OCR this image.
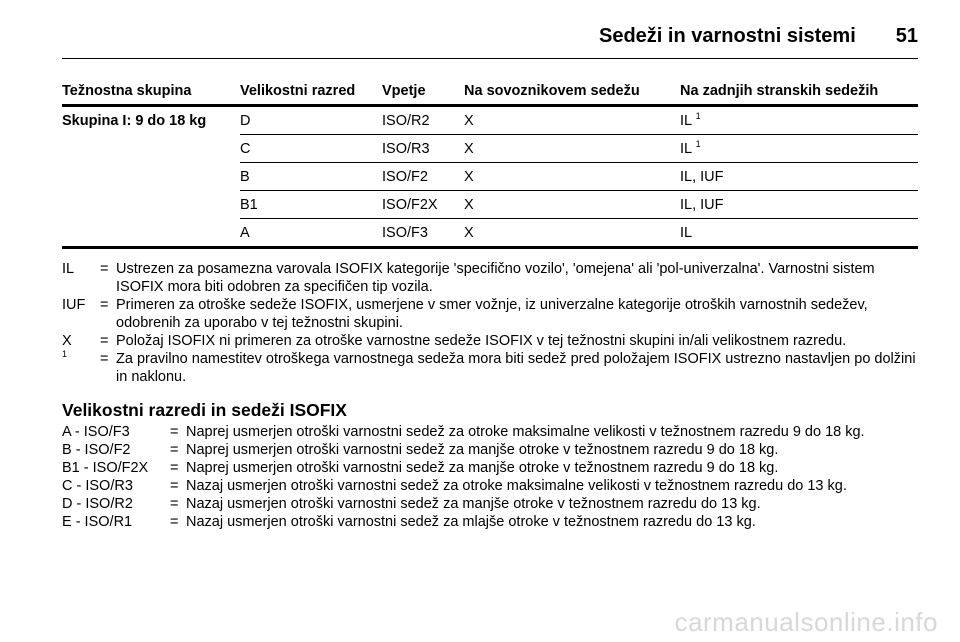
Sedeži in varnostni sistemi 51
Težnostna skupina	Velikostni razred	Vpetje	Na sovoznikovem sedežu	Na zadnjih stranskih sedežih
Skupina I: 9 do 18 kg	D	ISO/R2	X	IL $^1$
	C	ISO/R3	X	IL $^1$
	B	ISO/F2	X	IL, IUF
	B1	ISO/F2X	X	IL, IUF
	A	ISO/F3	X	IL
IL	= Ustrezen za posamezna varovala ISOFIX kategorije 'specifično vozilo', 'omejena' ali 'pol-univerzalna'. Varnostni sistem ISOFIX mora biti odobren za specifičen tip vozila.
IUF	= Primeren za otroške sedeže ISOFIX, usmerjene v smer vožnje, iz univerzalne kategorije otroških varnostnih sedežev, odobrenih za uporabo v tej težnostni skupini.
X	= Položaj ISOFIX ni primeren za otroške varnostne sedeže ISOFIX v tej težnostni skupini in/ali velikostnem razredu.
$^1$	= Za pravilno namestitev otroškega varnostnega sedeža mora biti sedež pred položajem ISOFIX ustrezno nastavljen po dolžini in naklonu.
Velikostni razredi in sedeži ISOFIX
A - ISO/F3	= Naprej usmerjen otroški varnostni sedež za otroke maksimalne velikosti v težnostnem razredu 9 do 18 kg.
B - ISO/F2	= Naprej usmerjen otroški varnostni sedež za manjše otroke v težnostnem razredu 9 do 18 kg.
B1 - ISO/F2X	= Naprej usmerjen otroški varnostni sedež za manjše otroke v težnostnem razredu 9 do 18 kg.
C - ISO/R3	= Nazaj usmerjen otroški varnostni sedež za otroke maksimalne velikosti v težnostnem razredu do 13 kg.
D - ISO/R2	= Nazaj usmerjen otroški varnostni sedež za manjše otroke v težnostnem razredu do 13 kg.
E - ISO/R1	= Nazaj usmerjen otroški varnostni sedež za mlajše otroke v težnostnem razredu do 13 kg.
carmanualsonline.info
